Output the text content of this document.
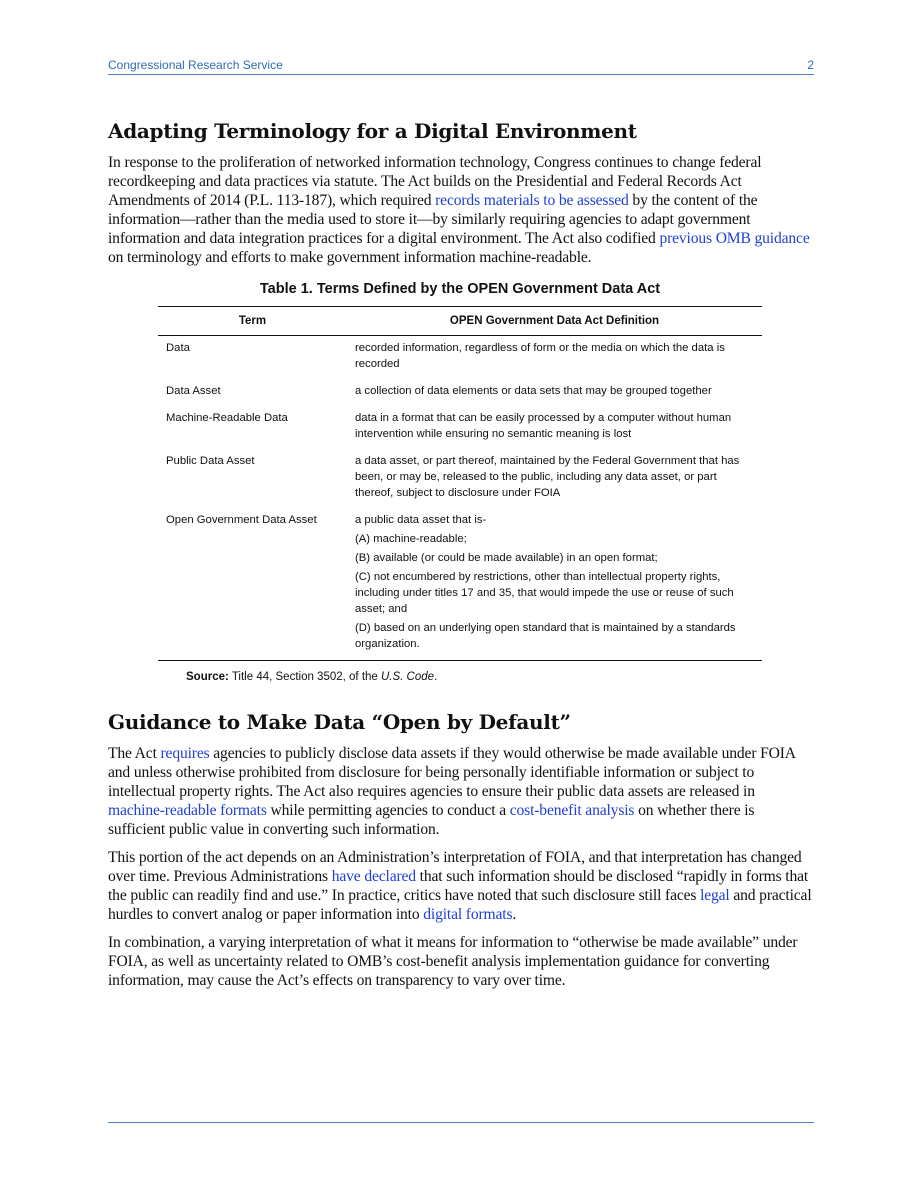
Congressional Research Service	2
Adapting Terminology for a Digital Environment

In response to the proliferation of networked information technology, Congress continues to change federal recordkeeping and data practices via statute. The Act builds on the Presidential and Federal Records Act Amendments of 2014 (P.L. 113-187), which required records materials to be assessed by the content of the information—rather than the media used to store it—by similarly requiring agencies to adapt government information and data integration practices for a digital environment. The Act also codified previous OMB guidance on terminology and efforts to make government information machine-readable.

Table 1. Terms Defined by the OPEN Government Data Act
Term	OPEN Government Data Act Definition
Data	recorded information, regardless of form or the media on which the data is recorded

Data Asset	a collection of data elements or data sets that may be grouped together

Machine-Readable Data	data in a format that can be easily processed by a computer without human intervention while ensuring no semantic meaning is lost

Public Data Asset	a data asset, or part thereof, maintained by the Federal Government that has been, or may be, released to the public, including any data asset, or part thereof, subject to disclosure under FOIA

Open Government Data Asset	a public data asset that is-
(A) machine-readable;
(B) available (or could be made available) in an open format;
(C) not encumbered by restrictions, other than intellectual property rights, including under titles 17 and 35, that would impede the use or reuse of such asset; and
(D) based on an underlying open standard that is maintained by a standards organization.
Source: Title 44, Section 3502, of the U.S. Code.
Guidance to Make Data “Open by Default”

The Act requires agencies to publicly disclose data assets if they would otherwise be made available under FOIA and unless otherwise prohibited from disclosure for being personally identifiable information or subject to intellectual property rights. The Act also requires agencies to ensure their public data assets are released in machine-readable formats while permitting agencies to conduct a cost-benefit analysis on whether there is sufficient public value in converting such information.

This portion of the act depends on an Administration’s interpretation of FOIA, and that interpretation has changed over time. Previous Administrations have declared that such information should be disclosed “rapidly in forms that the public can readily find and use.” In practice, critics have noted that such disclosure still faces legal and practical hurdles to convert analog or paper information into digital formats.

In combination, a varying interpretation of what it means for information to “otherwise be made available” under FOIA, as well as uncertainty related to OMB’s cost-benefit analysis implementation guidance for converting information, may cause the Act’s effects on transparency to vary over time.
